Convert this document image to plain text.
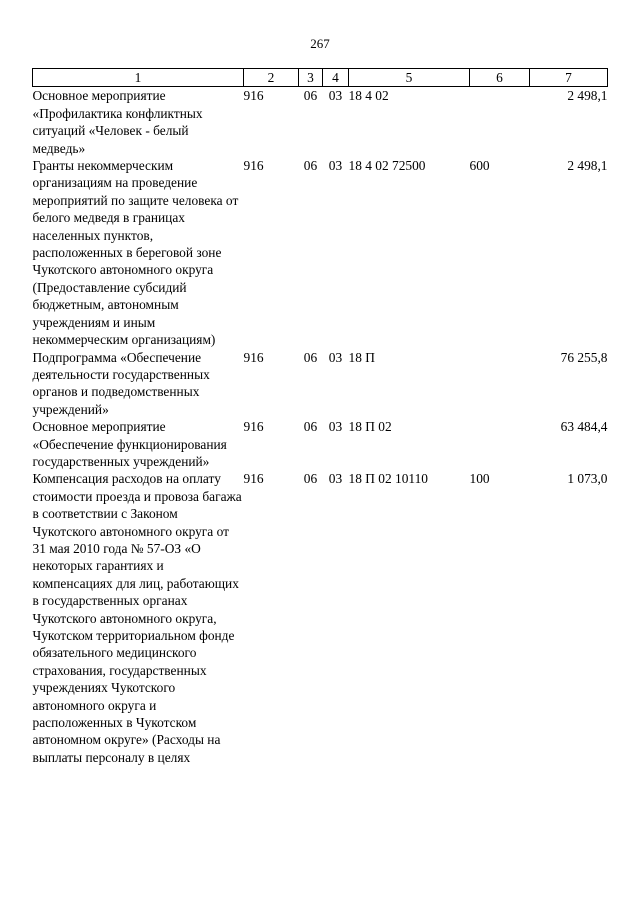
267
1	2	3	4	5	6	7
Основное мероприятие «Профилактика конфликтных ситуаций «Человек - белый медведь»	916	06	03	18 4 02		2 498,1
Гранты некоммерческим организациям на проведение мероприятий по защите человека от белого медведя в границах населенных пунктов, расположенных в береговой зоне Чукотского автономного округа (Предоставление субсидий бюджетным, автономным учреждениям и иным некоммерческим организациям)	916	06	03	18 4 02 72500	600	2 498,1
Подпрограмма «Обеспечение деятельности государственных органов и подведомственных учреждений»	916	06	03	18 П		76 255,8
Основное мероприятие «Обеспечение функционирования государственных учреждений»	916	06	03	18 П 02		63 484,4
Компенсация расходов на оплату стоимости проезда и провоза багажа в соответствии с Законом Чукотского автономного округа от 31 мая 2010 года № 57-ОЗ «О некоторых гарантиях и компенсациях для лиц, работающих в государственных органах Чукотского автономного округа, Чукотском территориальном фонде обязательного медицинского страхования, государственных учреждениях Чукотского автономного округа и расположенных в Чукотском автономном округе» (Расходы на выплаты персоналу в целях	916	06	03	18 П 02 10110	100	1 073,0
